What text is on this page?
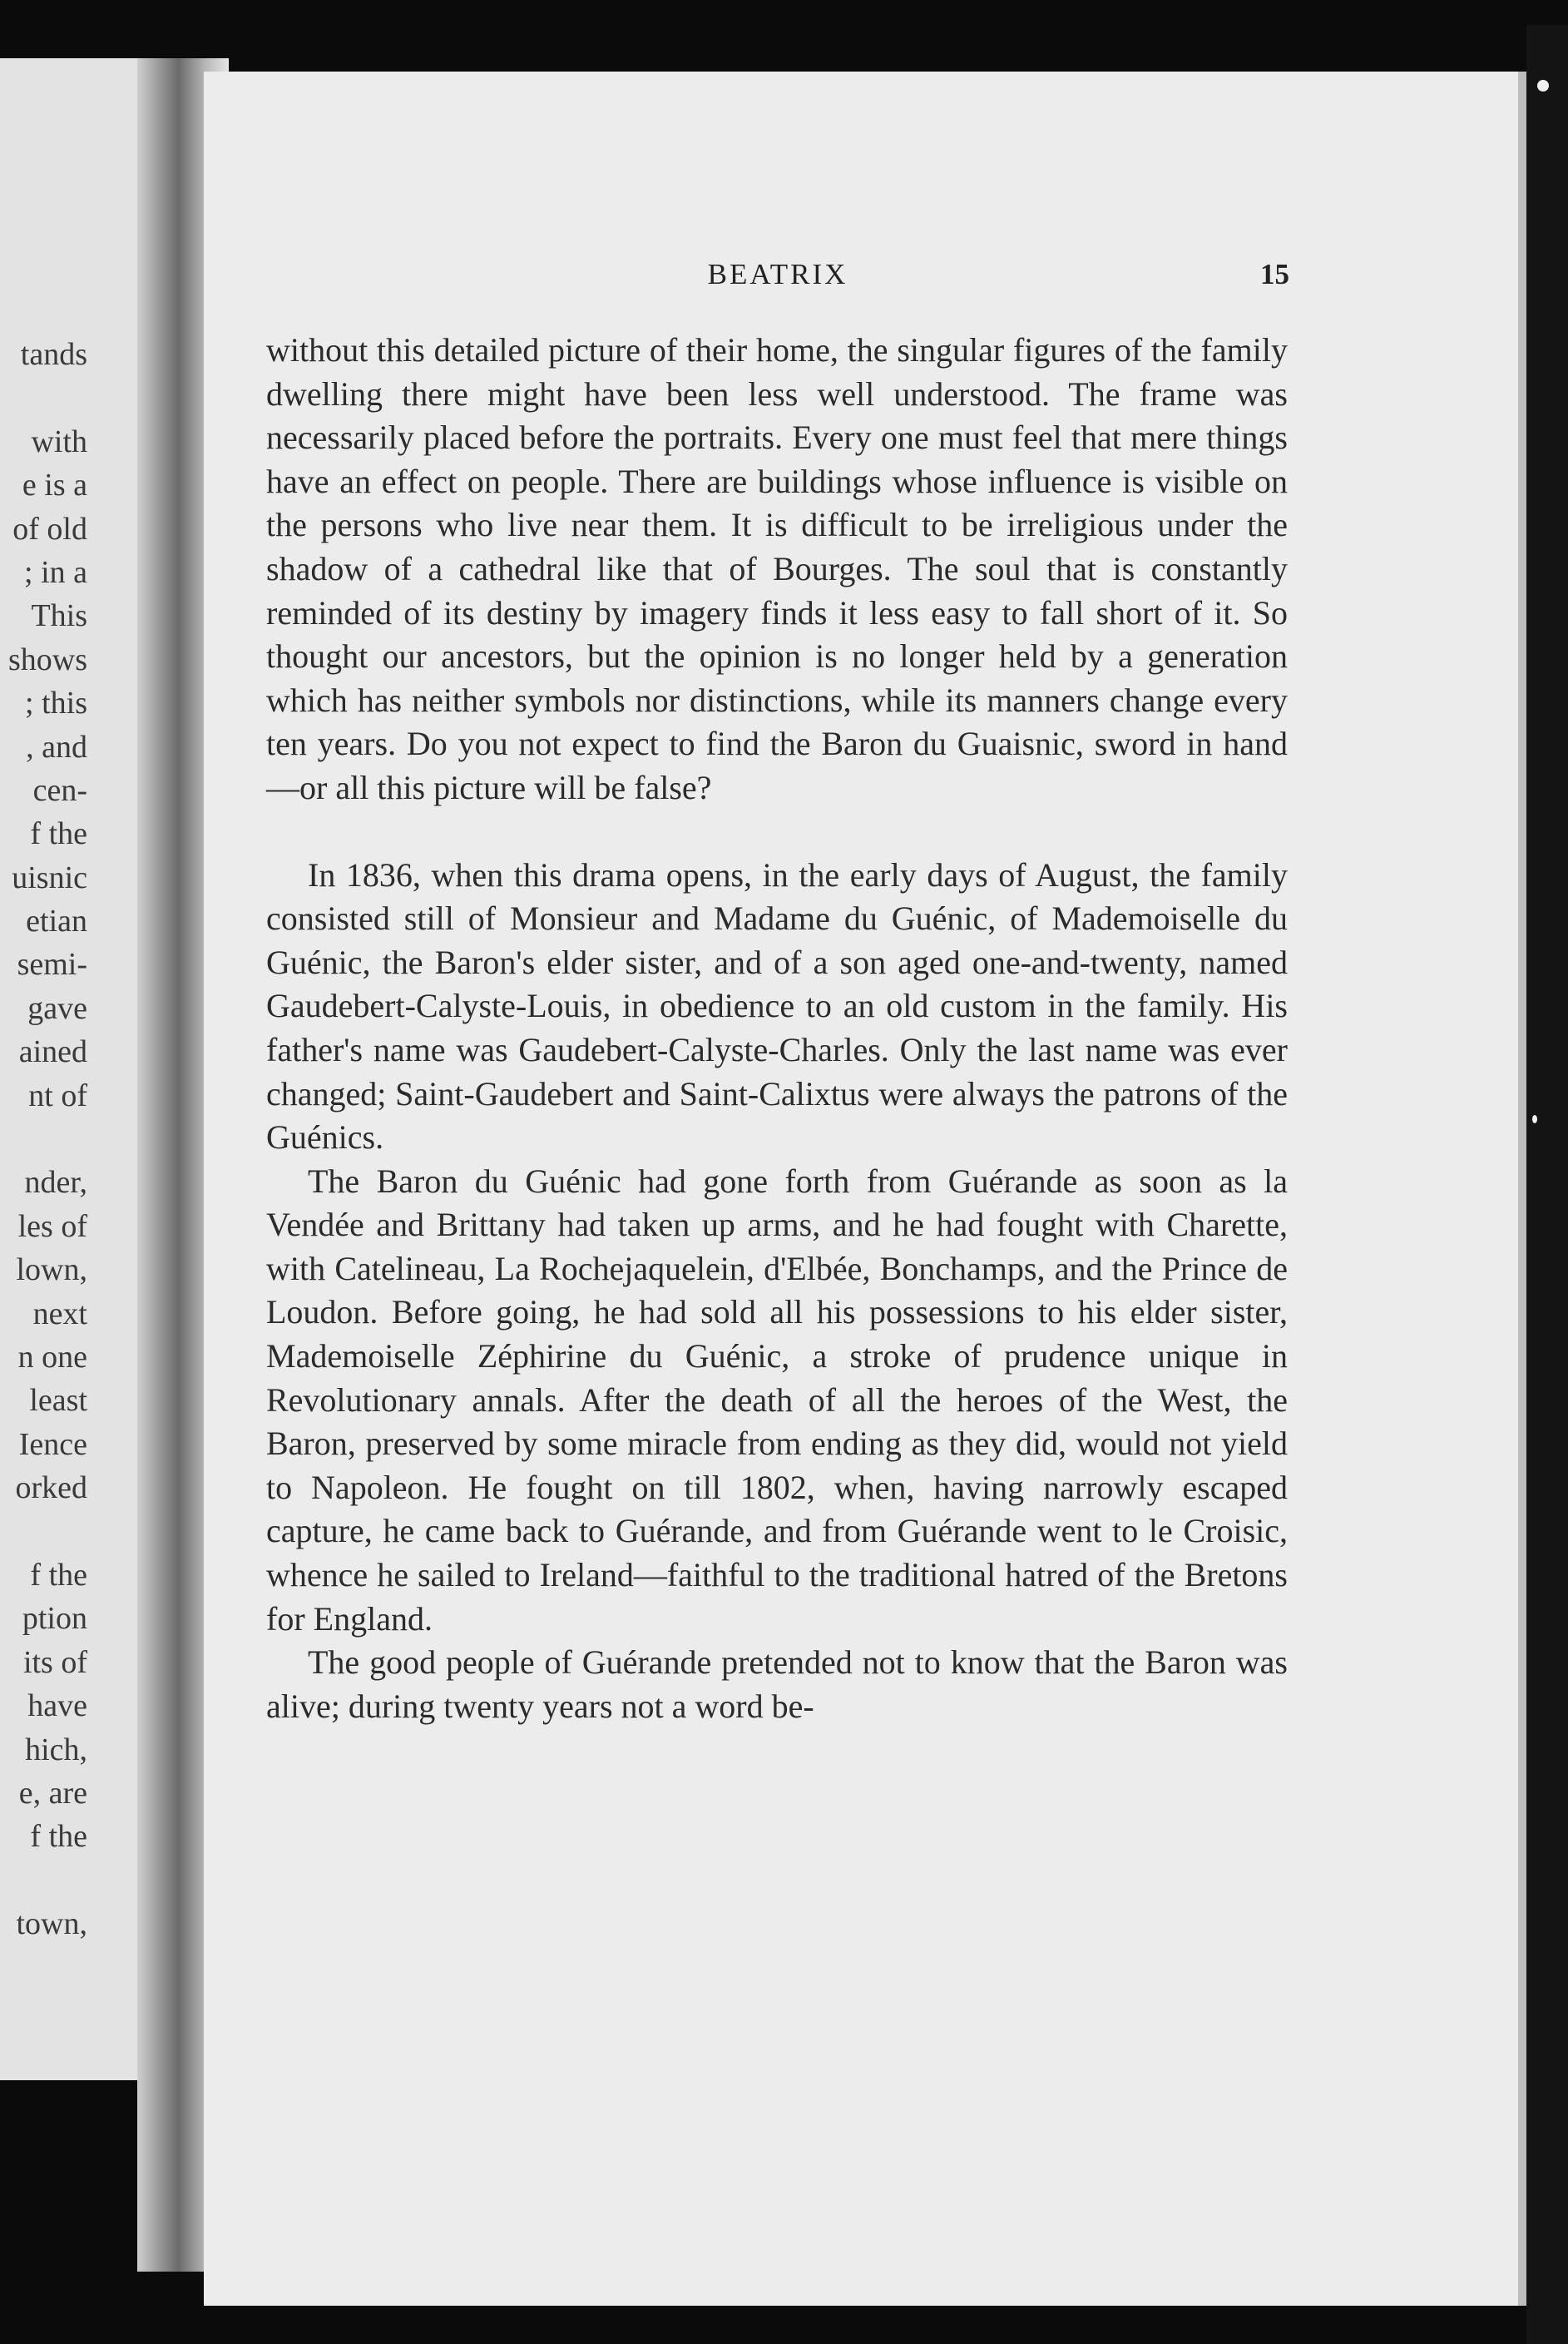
tands
with
e is a
of old
; in a
This
shows
; this
, and
cen-
f the
uisnic
etian
semi-
gave
ained
nt of
nder,
les of
lown,
next
n one
least
Ience
orked
f the
ption
its of
have
hich,
e, are
f the
town,
BEATRIX	15

without this detailed picture of their home, the singular figures of the family dwelling there might have been less well understood. The frame was necessarily placed before the portraits. Every one must feel that mere things have an effect on people. There are buildings whose influence is visible on the persons who live near them. It is difficult to be irreligious under the shadow of a cathedral like that of Bourges. The soul that is constantly reminded of its destiny by imagery finds it less easy to fall short of it. So thought our ancestors, but the opinion is no longer held by a generation which has neither symbols nor distinctions, while its manners change every ten years. Do you not expect to find the Baron du Guaisnic, sword in hand—or all this picture will be false?

In 1836, when this drama opens, in the early days of August, the family consisted still of Monsieur and Madame du Guénic, of Mademoiselle du Guénic, the Baron's elder sister, and of a son aged one-and-twenty, named Gaudebert-Calyste-Louis, in obedience to an old custom in the family. His father's name was Gaudebert-Calyste-Charles. Only the last name was ever changed; Saint-Gaudebert and Saint-Calixtus were always the patrons of the Guénics.

The Baron du Guénic had gone forth from Guérande as soon as la Vendée and Brittany had taken up arms, and he had fought with Charette, with Catelineau, La Rochejaquelein, d'Elbée, Bonchamps, and the Prince de Loudon. Before going, he had sold all his possessions to his elder sister, Mademoiselle Zéphirine du Guénic, a stroke of prudence unique in Revolutionary annals. After the death of all the heroes of the West, the Baron, preserved by some miracle from ending as they did, would not yield to Napoleon. He fought on till 1802, when, having narrowly escaped capture, he came back to Guérande, and from Guérande went to le Croisic, whence he sailed to Ireland—faithful to the traditional hatred of the Bretons for England.

The good people of Guérande pretended not to know that the Baron was alive; during twenty years not a word be-
